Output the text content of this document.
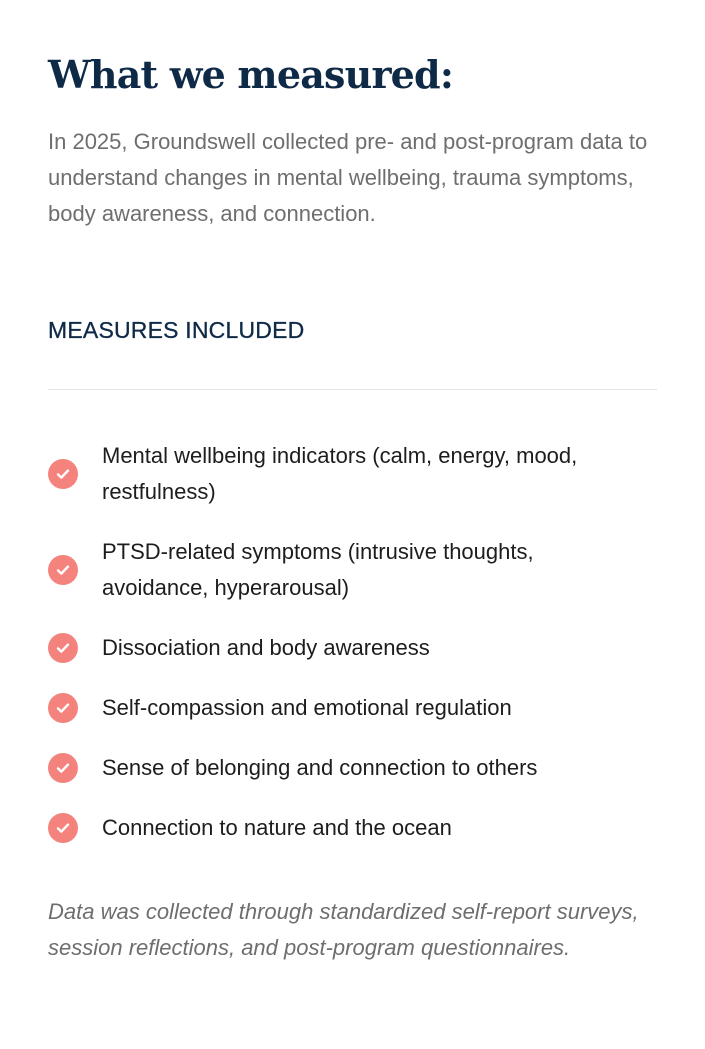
What we measured:

In 2025, Groundswell collected pre- and post-program data to understand changes in mental wellbeing, trauma symptoms, body awareness, and connection.

MEASURES INCLUDED
Mental wellbeing indicators (calm, energy, mood, restfulness)
PTSD-related symptoms (intrusive thoughts, avoidance, hyperarousal)
Dissociation and body awareness
Self-compassion and emotional regulation
Sense of belonging and connection to others
Connection to nature and the ocean

Data was collected through standardized self-report surveys, session reflections, and post-program questionnaires.
